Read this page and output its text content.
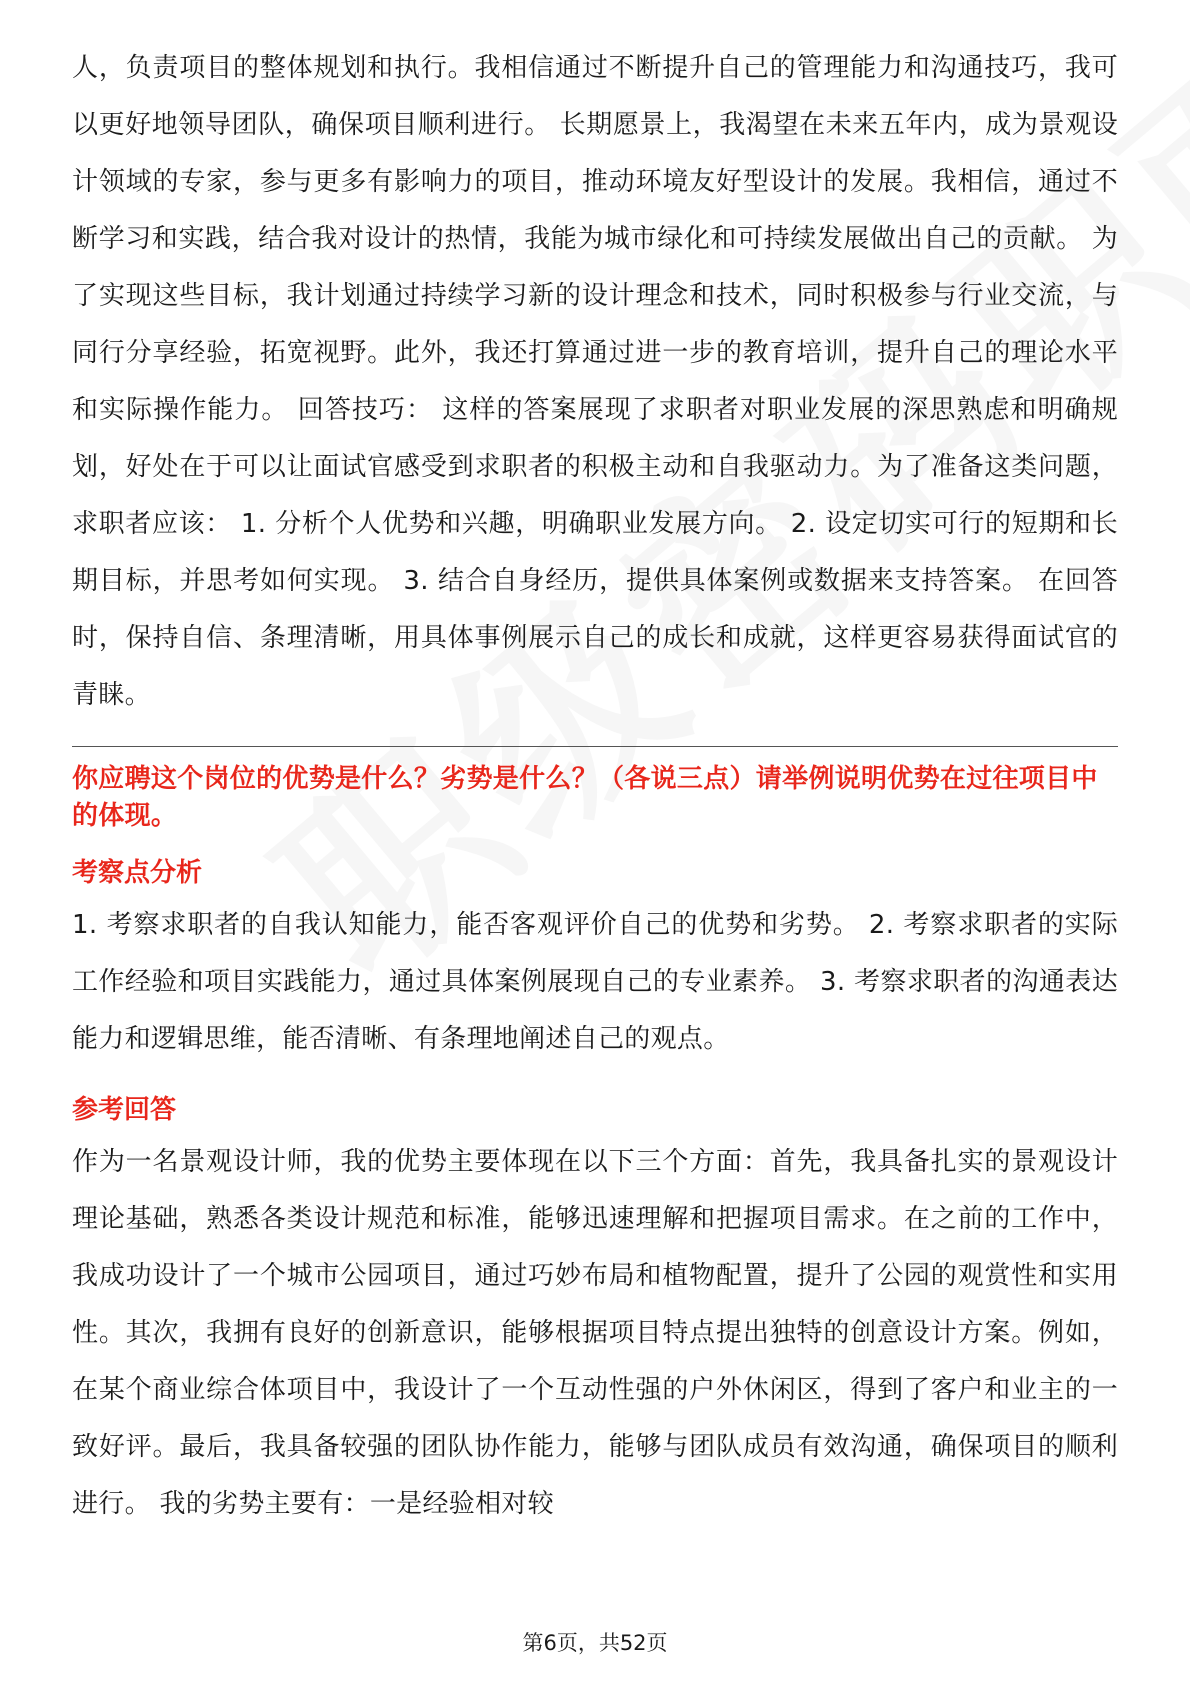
人，负责项目的整体规划和执行。我相信通过不断提升自己的管理能力和沟通技巧，我可以更好地领导团队，确保项目顺利进行。 长期愿景上，我渴望在未来五年内，成为景观设计领域的专家，参与更多有影响力的项目，推动环境友好型设计的发展。我相信，通过不断学习和实践，结合我对设计的热情，我能为城市绿化和可持续发展做出自己的贡献。 为了实现这些目标，我计划通过持续学习新的设计理念和技术，同时积极参与行业交流，与同行分享经验，拓宽视野。此外，我还打算通过进一步的教育培训，提升自己的理论水平和实际操作能力。 回答技巧： 这样的答案展现了求职者对职业发展的深思熟虑和明确规划，好处在于可以让面试官感受到求职者的积极主动和自我驱动力。为了准备这类问题，求职者应该： 1. 分析个人优势和兴趣，明确职业发展方向。 2. 设定切实可行的短期和长期目标，并思考如何实现。 3. 结合自身经历，提供具体案例或数据来支持答案。 在回答时，保持自信、条理清晰，用具体事例展示自己的成长和成就，这样更容易获得面试官的青睐。

你应聘这个岗位的优势是什么？劣势是什么？（各说三点）请举例说明优势在过往项目中的体现。

考察点分析

1. 考察求职者的自我认知能力，能否客观评价自己的优势和劣势。 2. 考察求职者的实际工作经验和项目实践能力，通过具体案例展现自己的专业素养。 3. 考察求职者的沟通表达能力和逻辑思维，能否清晰、有条理地阐述自己的观点。

参考回答

作为一名景观设计师，我的优势主要体现在以下三个方面：首先，我具备扎实的景观设计理论基础，熟悉各类设计规范和标准，能够迅速理解和把握项目需求。在之前的工作中，我成功设计了一个城市公园项目，通过巧妙布局和植物配置，提升了公园的观赏性和实用性。其次，我拥有良好的创新意识，能够根据项目特点提出独特的创意设计方案。例如，在某个商业综合体项目中，我设计了一个互动性强的户外休闲区，得到了客户和业主的一致好评。最后，我具备较强的团队协作能力，能够与团队成员有效沟通，确保项目的顺利进行。 我的劣势主要有：一是经验相对较

第6页，共52页
